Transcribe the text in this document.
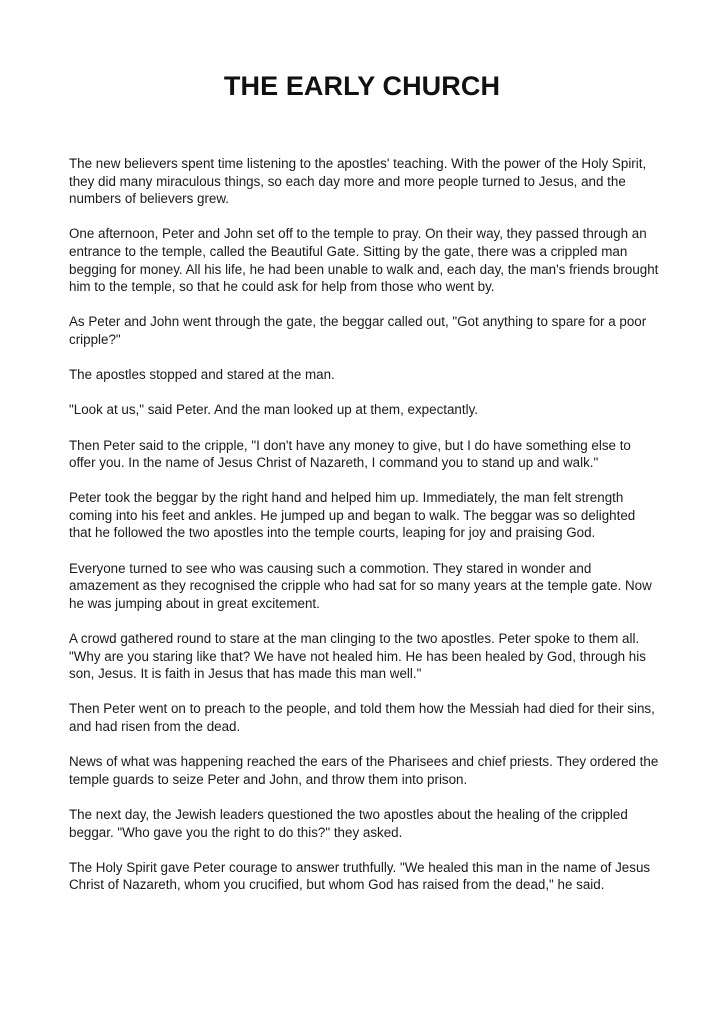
THE EARLY CHURCH

The new believers spent time listening to the apostles' teaching. With the power of the Holy Spirit, they did many miraculous things, so each day more and more people turned to Jesus, and the numbers of believers grew.

One afternoon, Peter and John set off to the temple to pray. On their way, they passed through an entrance to the temple, called the Beautiful Gate. Sitting by the gate, there was a crippled man begging for money. All his life, he had been unable to walk and, each day, the man's friends brought him to the temple, so that he could ask for help from those who went by.

As Peter and John went through the gate, the beggar called out, "Got anything to spare for a poor cripple?"

The apostles stopped and stared at the man.

"Look at us," said Peter. And the man looked up at them, expectantly.

Then Peter said to the cripple, "I don't have any money to give, but I do have something else to offer you. In the name of Jesus Christ of Nazareth, I command you to stand up and walk."

Peter took the beggar by the right hand and helped him up. Immediately, the man felt strength coming into his feet and ankles. He jumped up and began to walk. The beggar was so delighted that he followed the two apostles into the temple courts, leaping for joy and praising God.

Everyone turned to see who was causing such a commotion. They stared in wonder and amazement as they recognised the cripple who had sat for so many years at the temple gate. Now he was jumping about in great excitement.

A crowd gathered round to stare at the man clinging to the two apostles. Peter spoke to them all. "Why are you staring like that? We have not healed him. He has been healed by God, through his son, Jesus. It is faith in Jesus that has made this man well."

Then Peter went on to preach to the people, and told them how the Messiah had died for their sins, and had risen from the dead.

News of what was happening reached the ears of the Pharisees and chief priests. They ordered the temple guards to seize Peter and John, and throw them into prison.

The next day, the Jewish leaders questioned the two apostles about the healing of the crippled beggar. "Who gave you the right to do this?" they asked.

The Holy Spirit gave Peter courage to answer truthfully. "We healed this man in the name of Jesus Christ of Nazareth, whom you crucified, but whom God has raised from the dead," he said.
